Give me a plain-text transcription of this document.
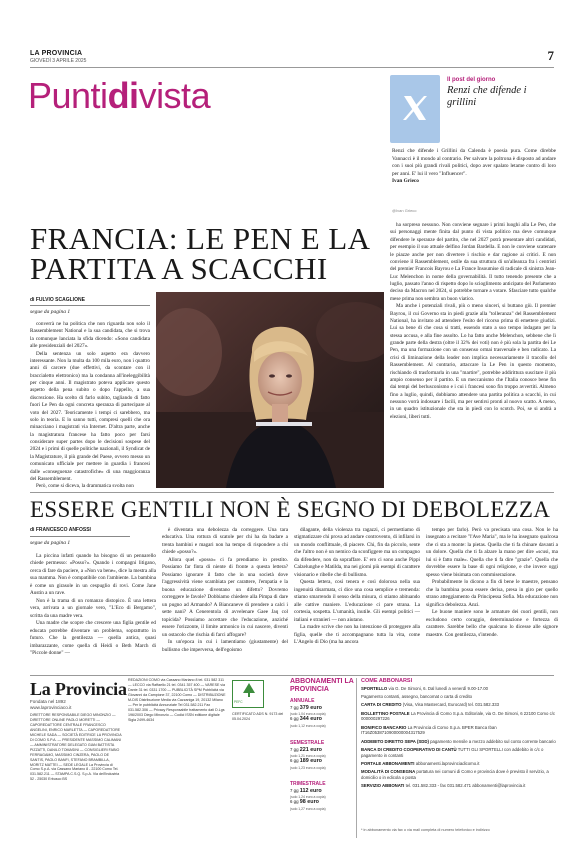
LA PROVINCIA
GIOVEDÌ 3 APRILE 2025	7
Puntidivista	Il post del giorno
Renzi che difende i grillini
Renzi che difende i Grillini da Calenda è poesia pura. Come direbbe Vannacci è il mondo al contrario. Per salvare la poltrona è disposto ad andare con i suoi più grandi rivali politici, dopo aver spalato letame contro di loro per anni. E' lui il vero "Influencer".
Ivan Grieco
@Ivan Grieco
FRANCIA: LE PEN E LA PARTITA A SCACCHI
di FULVIO SCAGLIONE
segue da pagina 1

converrà ne ha politica che non riguarda non solo il Rassemblement National e la sua candidata, che si trova la comunque lanciata la sfida dicendo: «Sono candidata alle presidenziali del 2027».

Della sentenza un solo aspetto era davvero interessante. Non la multa da 100 mila euro, non i quattro anni di carcere (due effettivi, da scontare con il braccialetto elettronico) ma la condanna all'ineleggibilità per cinque anni. Il magistrato poteva applicare questo aspetto della pena subito o dopo l'appello, a sua discrezione. Ha scelto di farlo subito, tagliando di fatto fuori Le Pen da ogni concreta speranza di partecipare al voto del 2027. Teoricamente i tempi ci sarebbero, ma solo in teoria. E lo sanno tutti, compresi quelli che ora minacciano i magistrati via Internet. D'altra parte, anche la magistratura francese ha fatto poco per farsi considerare super partes dopo le decisioni sospese del 2024 e i primi di quelle politiche nazionali, il Syndicat de la Magistrature, il più grande del Paese, ovvero messo un comunicato ufficiale per mettere in guardia i francesi dalle «conseguenze catastrofiche» di una maggioranza del Rassemblement.

Però, come si diceva, la drammatica svolta non

ha sorpreso nessuno. Non conviene segnare i primi luoghi alla Le Pen, che sui personaggi mente finita dal punto di vista politico ma deve comunque difendere le speranze del partito, che nel 2027 potrà presentare altri candidati, per esempio il suo attuale delfino Jordan Bardella. E non le conviene scatenare le piazze anche per non divertere i rischio e dar ragione ai critici. E non conviene il Rassemblement, ostile da sua struttura di un'alleanza fra i centristi del premier Francois Bayrou e La France Insoumise di radicale di sinistra Jean-Luc Melenchon in nome della governabilità. Il tutto tenendo presente che a luglio, passato l'anno di rispetto dopo lo scioglimento anticipato del Parlamento deciso da Macron nel 2024, si potrebbe tornare a votare. Sfasciare tutto qualche mese prima non sembra un buon viatico.

Ma anche i potenziali rivali, più o meno sinceri, si buttano giù. Il premier Bayrou, il cui Governo sta in piedi grazie alla "tolleranza" del Rassemblement National, ha invitato ad attendere l'esito del ricorso prima di emettere giudizi. Lui sa bene di che cosa si tratti, essendo stato a suo tempo indagato per la stessa accusa, e alla fine assolto. Lo ha fatto anche Melenchon, sebbene che lì grande parte della destra (oltre il 32% dei voti) non è più sola la partita dei Le Pen, ma una formazione con un consenso ormai trasversale e ben radicato. La crisi di liminazione della leader non implica necessariamente il tracollo del Rassemblement. Al contrario, attaccare la Le Pen in questo momento, rischiando di trasformarla in una "martire", potrebbe addirittura suscitare il più ampio consenso per il partito. E un meccanismo che l'Italia conosce bene fin dai tempi del berlusconismo e i cui i francesi sono fin troppo avvertiti. Almeno fino a luglio, quindi, dobbiamo attendere una partita politica a scacchi, in cui nessuno vorrà indossare i facili, ma per sentirsi pronti al nuovo scatto. A meno, in un quadro istituzionale che sta in piedi con lo scotch. Poi, se si andrà a elezioni, liberi tutti.

ESSERE GENTILI NON È SEGNO DI DEBOLEZZA
di FRANCESCO ANFOSSI
segue da pagina 1

La piccina infatti quando ha bisogno di un pennarello chiede permesso: «Posso?». Quando i compagni litigano, cerca di fare da paciere, a «Non va bene», dice la mestra alla sua mamma. Non è compatibile con l'ambiente. La bambina è come un girasole in un cespuglio di rovi. Come Jane Austin a un rave.

Non è la trama di un romanzo distopico. È una lettera vera, arrivata a un giornale vero, "L'Eco di Bergamo", scritta da una madre vera.

Una madre che scopre che crescere una figlia gentile ed educata potrebbe diventare un problema, soprattutto in futuro. Che la gentilezza — quella antica, quasi imbarazzante, come quella di Heidi o Beth March di "Piccole donne" —

è diventata una debolezza da correggere. Una tara educativa. Una rottura di scatole per chi ha da badare a trenta bambini e magari non ha tempo di rispondere a chi chiede «posso?».

Allora quel «posso» ci fa prendiamo in prestito. Possiamo far finta di niente di fronte a questa lettera? Possiamo ignorare il fatto che in una società dove l'aggressività viene scambiata per carattere, l'empatia e la buona educazione diventano un difetto? Dovremo correggere le favole? Dobbiamo chiedere alla Pimpa di dare un pugno ad Armando? A Biancaneve di prendere a calci i sette nani? A Cenerentola di avvelenare Gaee Jaq col topicida? Possiamo accettare che l'educazione, anziché essere l'orizzonte, il limite armonico in cui nascere, diventi un ostacolo che rischia di farci affogare?

In un'epoca in cui i lamentiamo (giustamente) del bullismo che imperversa, dell'egoismo

dilagante, della violenza tra ragazzi, ci permettiamo di stigmatizzare chi prova ad andare controvento, di infilarsi in un mondo conflittuale, di piacere. Chi, fin da piccolo, sente che l'altro non è un nemico da sconfiggere ma un compagno da difendere, non da sopraffare. E' ero ci sono anche Pippi Calzelunghe e Matilda, ma nei giorni più esempi di carattere visionario e ribelle che di bullismo.

Questa lettera, così tenera e così dolorosa nella sua ingenuità disarmata, ci dice una cosa semplice e tremenda: stiamo smarrendo il senso della misura, ci stiamo abituando alle cattive maniere. L'educazione ci pare strana. La cortesia, sospetta. L'umanità, inutile. Gli esempi politici — italiani e stranieri — non aiutano.

La madre scrive che non ha intenzione di proteggere alla figlia, quelle che ti accompagnano tutta la vita, come L'Angelo di Dio (ma ha ancora

tempo per farlo). Però va precisata una cosa. Non le ha insegnato a recitare "l'Ave Maria", ma le ha insegnato qualcosa che ci sta a monte: la pietas. Quella che ti fa chinare davanti a un dolore. Quella che ti fa alzare la mano per dire «scusi, ma lui si è fatto male». Quella che ti fa dire "grazie". Quella che dovrebbe essere la base di ogni religione, e che invece oggi spesso viene bisimata con commiserazione.

Probabilmente lo dicono a fin di bene le maestre, pensano che la bambina possa essere derisa, presa in giro per quello strano atteggiamento da Principessa Sofia. Ma educazione non significa debolezza. Anzi.

Le buone maniere sono le armature dei cuori gentili, non escludono certo coraggio, determinazione e fortezza di carattere. Sarebbe bello che qualcuno lo dicesse alle signore maestre. Con gentilezza, s'intende.

La Provincia
Fondata nel 1892
www.laprovinciacо.it
DIRETTORE RESPONSABILE DIEGO MINONZIO — DIRETTORE ONLINE PAOLO MORETTI — CAPOREDATTORE CENTRALE FRANCESCO ANGELINI, ENRICO MARLETTA — CAPOREDATTORE MICHELE SADA — SOCIETÀ EDITRICE LA PROVINCIA DI COMO S.P.A. — PRESIDENTE MASSIMO CALIMANI — AMMINISTRATORE DELEGATO GIAN BATTISTA PIZZATTI, DANILO TOMASINI — CONSIGLIERI FABIO FERRAGAMO, MASSIMO CINZERA, PAOLO DE SANTIS, PAOLO BANFI, STEFANO BRAMBILLA, MORITZ MATTEI — SEDE LEGALE La Provincia di Como S.p.A. via Cassano Mariano 8 - 22100 Como Tel. 031.582.211 — STAMPA C.S.Q. S.p.A. Via dell'Industria 52 - 25030 Erbusco BS
REDAZIONI COMO via Cassano Mariano 8 tel. 031 582 311 — LECCO via Raffaello 21 tel. 0341 357 400 — VARESE via Dante 31 tel. 0331 1700 — PUBBLICITÀ SPM Pubblicità via Giovanni da Campione 37, 22100 Como — DISTRIBUZIONE M-DIS Distribuzione Media via Cazzaniga 19, 20132 Milano — Per le pubblicità Annunziate Tel 031.582.211 Fax 031.582.306 — Privacy Responsabile trattamento dati D.Lgs 196/2003 Diego Minonzio — Codici ISSN editione digitale Sigla 2499-4634
PEFC
CERTIFICATO ADS N. 9173 del 05.04.2024
ABBONAMENTI LA PROVINCIA
ANNUALE
7 gg 379 euro
(solo 1,04 euro a copia)
6 gg 344 euro
(solo 1,12 euro a copia)
SEMESTRALE
7 gg 221 euro
(solo 1,21 euro a copia)
6 gg 189 euro
(solo 1,23 euro a copia)
TRIMESTRALE
7 gg 112 euro
(solo 1,24 euro a copia)
6 gg 98 euro
(solo 1,27 euro a copia)
COME ABBONARSI
SPORTELLO via G. De Simoni, 6. Dal lunedì a venerdì 9.00-17.00
Pagamento contanti, assegno, bancomat o carta di credito
CARTA DI CREDITO (Visa, Visa Mastercard, Eurocard) tel. 031.582.333
BOLLETTINO POSTALE La Provincia di Como S.p.a. Editoriale, via G. De Simoni, 6 22100 Como c/c 000000297226
BONIFICO BANCARIO La Provincia di Como S.p.a. BPER Banca Iban IT16Z0538710900000004317529
ADDEBITO DIRETTO SEPA (SDD) pagamento mensile a mezzo addebito sul conto corrente bancario
BANCA DI CREDITO COOPERATIVO DI CANTÙ TUTTI GLI SPORTELLI con addebito in c/c o pagamento in contanti
PORTALE ABBONAMENTI abbonamenti.laprovinciadicomo.it
MODALITÀ DI CONSEGNA portatura nei comuni di Como e provincia dove è previsto il servizio, a domicilio o in edicola o posta
SERVIZIO ABBONATI tel. 031.582.333 - fax 031.582.471 abbonamenti@laprovincia.it
* in abbonamento via fax o via mail completa di numero telefonico e indirizzo
